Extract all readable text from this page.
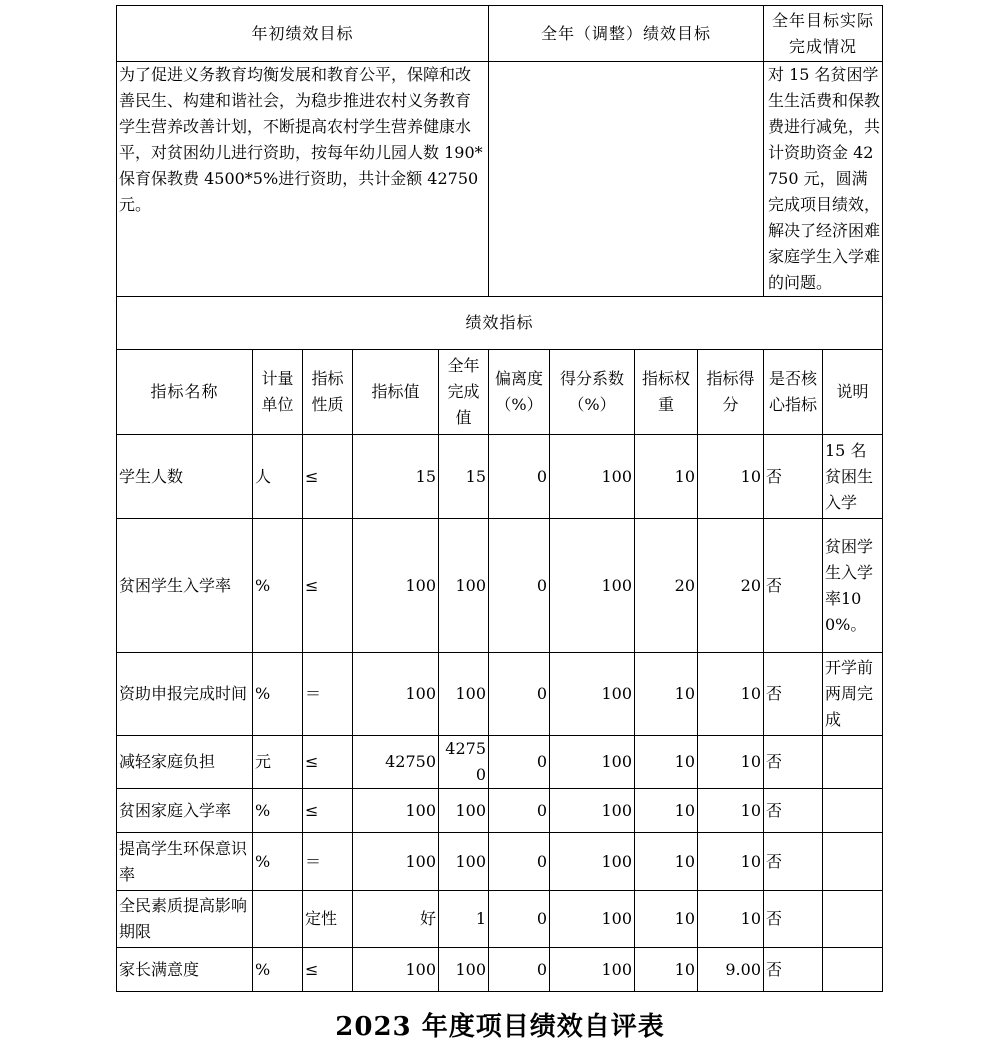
年初绩效目标					全年（调整）绩效目标				全年目标实际完成情况	
为了促进义务教育均衡发展和教育公平，保障和改善民生、构建和谐社会，为稳步推进农村义务教育学生营养改善计划，不断提高农村学生营养健康水平，对贫困幼儿进行资助，按每年幼儿园人数 190*保育保教费 4500*5%进行资助，共计金额 42750 元。									对 15 名贫困学生生活费和保教费进行减免，共计资助资金 42750 元，圆满完成项目绩效，解决了经济困难家庭学生入学难的问题。	
绩效指标										
指标名称	计量单位	指标性质	指标值	全年完成值	偏离度（%）	得分系数（%）	指标权重	指标得分	是否核心指标	说明
学生人数	人	≤	15	15	0	100	10	10	否	15 名贫困生入学
贫困学生入学率	%	≤	100	100	0	100	20	20	否	贫困学生入学率100%。
资助申报完成时间	%	＝	100	100	0	100	10	10	否	开学前两周完成
减轻家庭负担	元	≤	42750	42750	0	100	10	10	否	
贫困家庭入学率	%	≤	100	100	0	100	10	10	否	
提高学生环保意识率	%	＝	100	100	0	100	10	10	否	
全民素质提高影响期限		定性	好	1	0	100	10	10	否	
家长满意度	%	≤	100	100	0	100	10	9.00	否	
2023 年度项目绩效自评表
